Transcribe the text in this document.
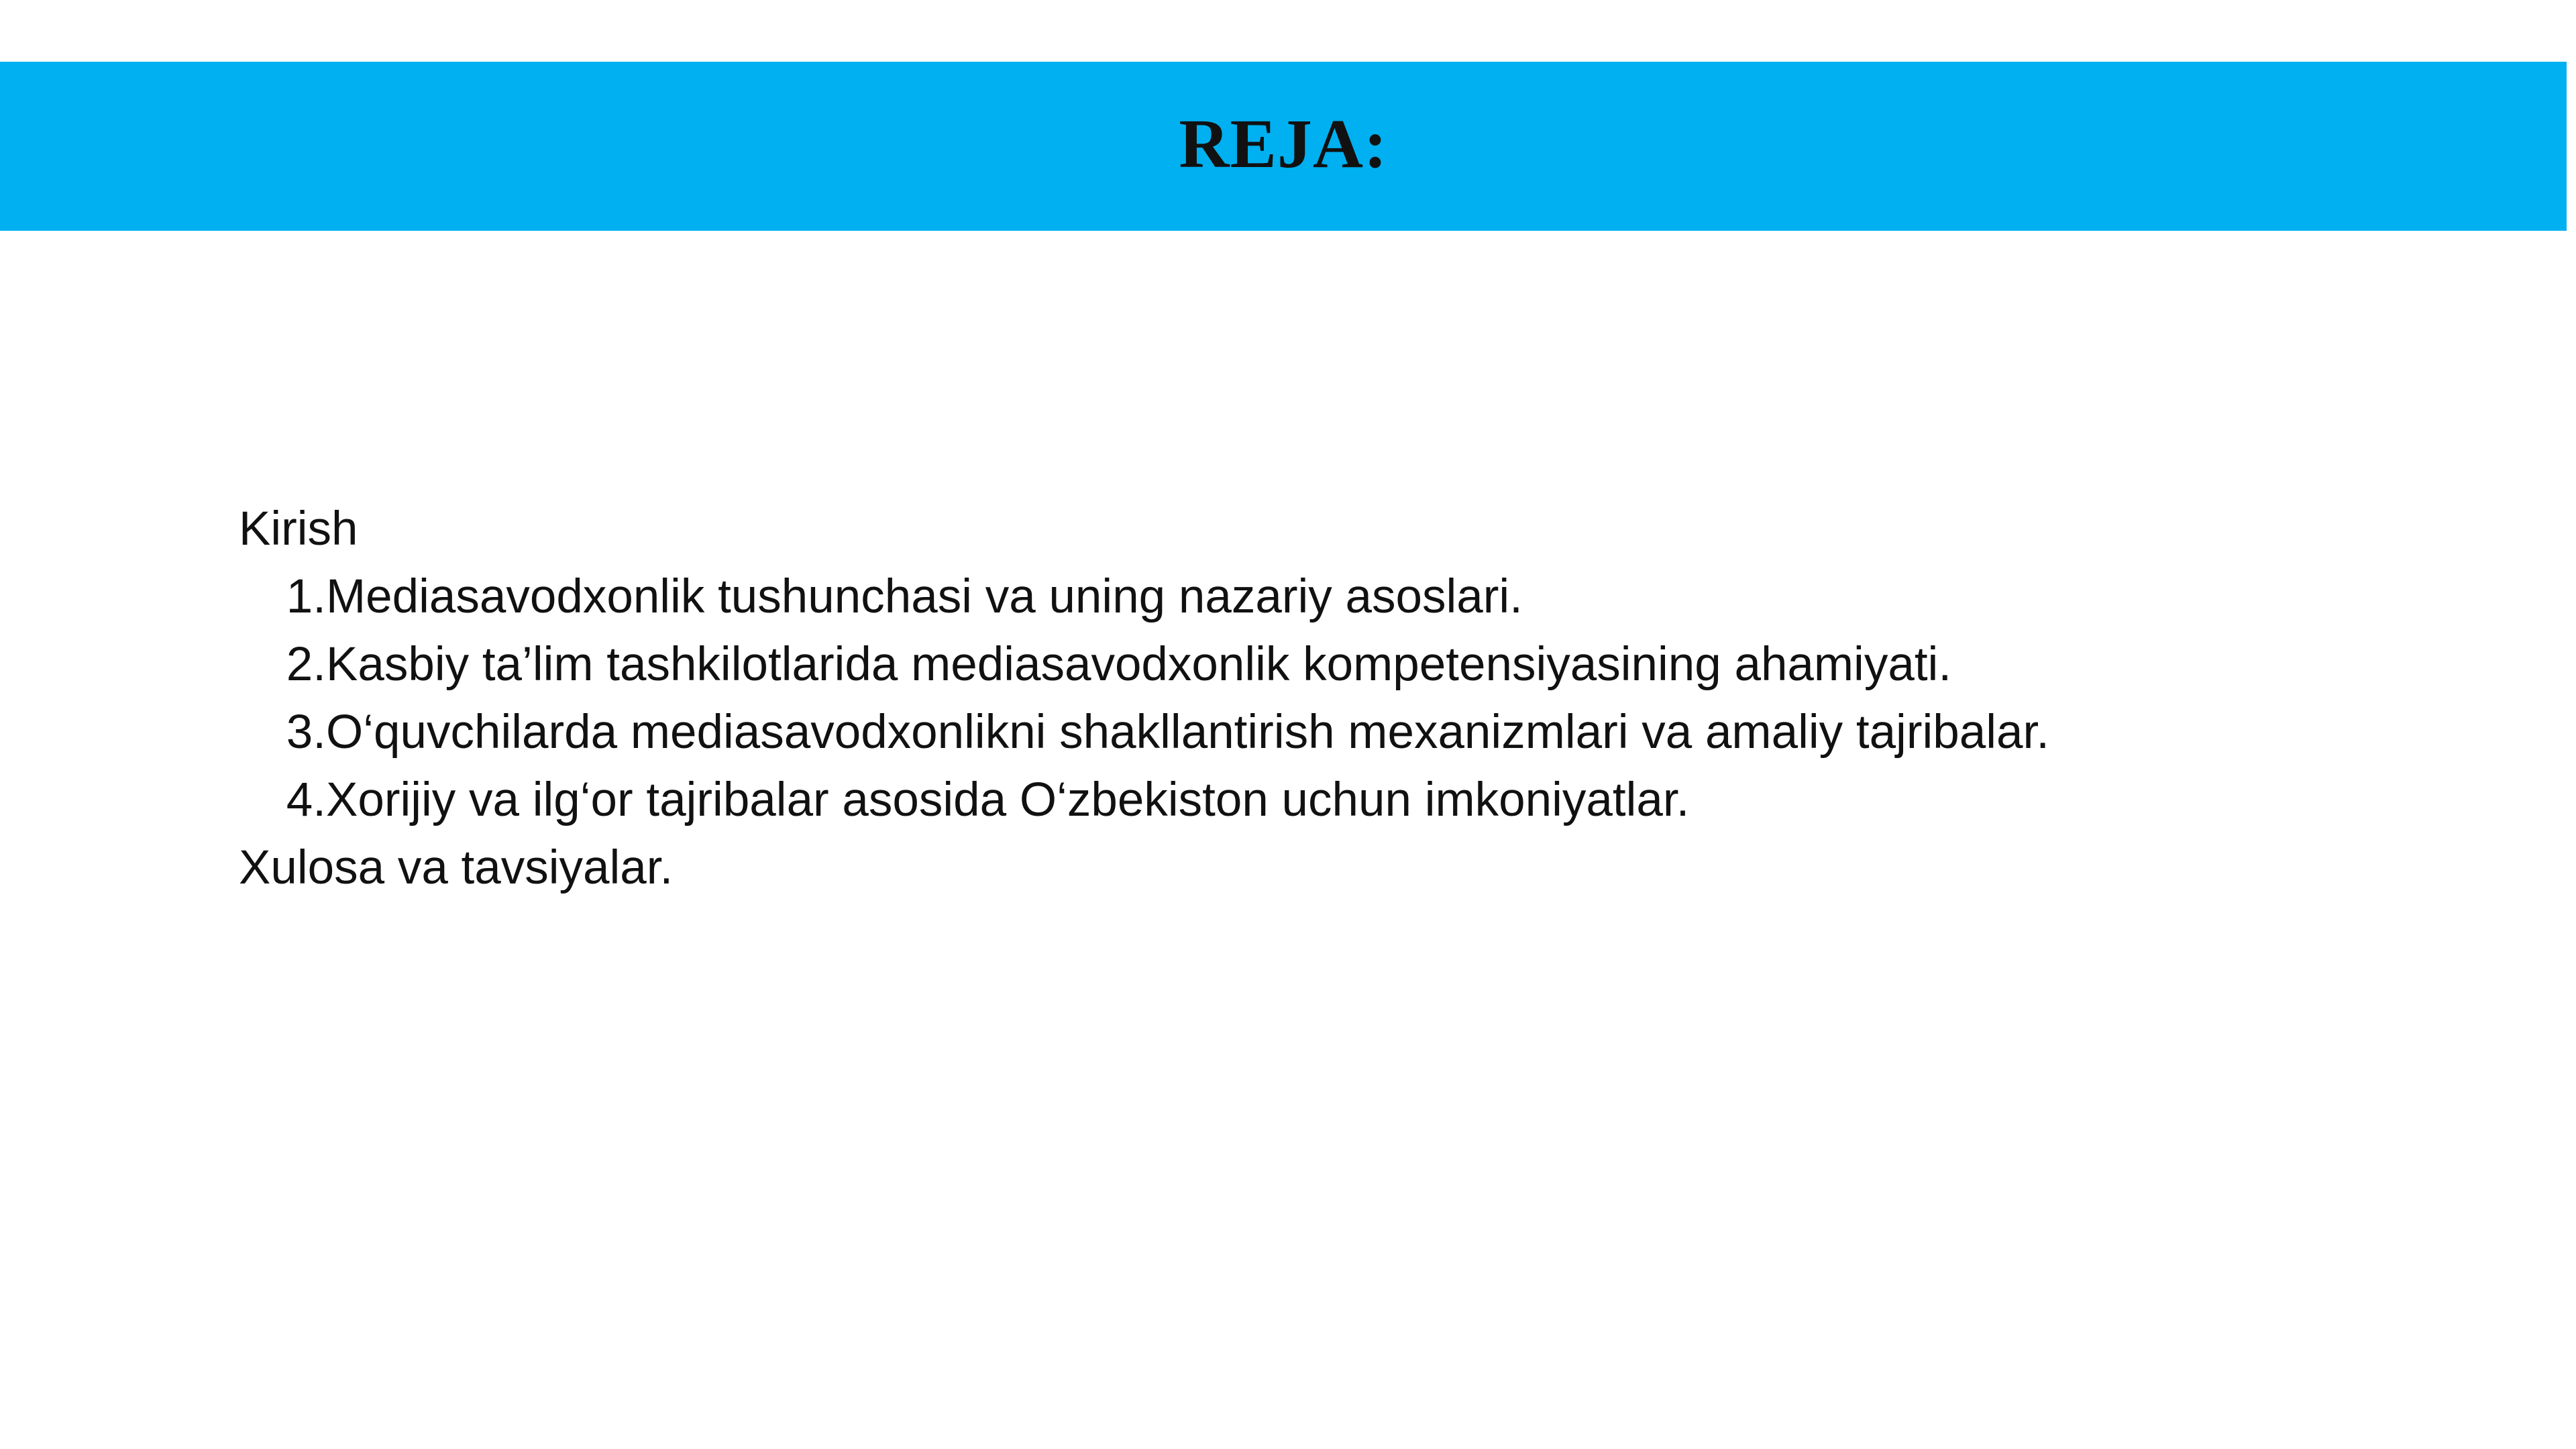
REJA:
Kirish
1. Mediasavodxonlik tushunchasi va uning nazariy asoslari.
2. Kasbiy ta’lim tashkilotlarida mediasavodxonlik kompetensiyasining ahamiyati.
3. O‘quvchilarda mediasavodxonlikni shakllantirish mexanizmlari va amaliy tajribalar.
4. Xorijiy va ilg‘or tajribalar asosida O‘zbekiston uchun imkoniyatlar.
Xulosa va tavsiyalar.
